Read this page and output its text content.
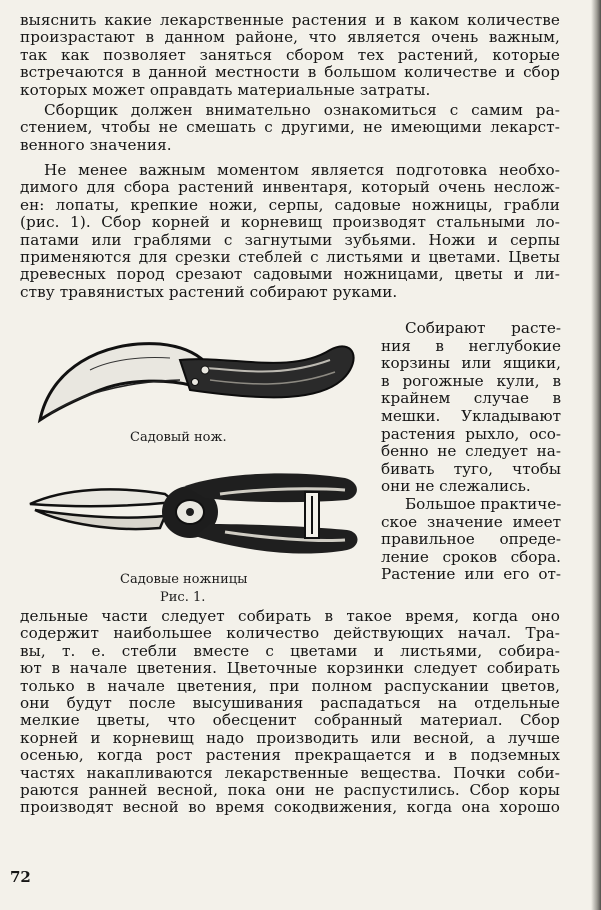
выяснить какие лекарственные растения и в каком количестве
произрастают в данном районе, что является очень важным,
так как позволяет заняться сбором тех растений, которые
встречаются в данной местности в большом количестве и сбор
которых может оправдать материальные затраты.
Сборщик должен внимательно ознакомиться с самим ра-
стением, чтобы не смешать с другими, не имеющими лекарст-
венного значения.
Не менее важным моментом является подготовка необхо-
димого для сбора растений инвентаря, который очень неслож-
ен: лопаты, крепкие ножи, серпы, садовые ножницы, грабли
(рис. 1). Сбор корней и корневищ производят стальными ло-
патами или граблями с загнутыми зубьями. Ножи и серпы
применяются для срезки стеблей с листьями и цветами. Цветы
древесных пород срезают садовыми ножницами, цветы и ли-
ству травянистых растений собирают руками.
Садовый нож.
Садовые ножницы
Рис. 1.
Собирают расте-
ния в неглубокие
корзины или ящики,
в рогожные кули, в
крайнем случае в
мешки. Укладывают
растения рыхло, осо-
бенно не следует на-
бивать туго, чтобы
они не слежались.
Большое практиче-
ское значение имеет
правильное опреде-
ление сроков сбора.
Растение или его от-
дельные части следует собирать в такое время, когда оно
содержит наибольшее количество действующих начал. Тра-
вы, т. е. стебли вместе с цветами и листьями, собира-
ют в начале цветения. Цветочные корзинки следует собирать
только в начале цветения, при полном распускании цветов,
они будут после высушивания распадаться на отдельные
мелкие цветы, что обесценит собранный материал. Сбор
корней и корневищ надо производить или весной, а лучше
осенью, когда рост растения прекращается и в подземных
частях накапливаются лекарственные вещества. Почки соби-
раются ранней весной, пока они не распустились. Сбор коры
производят весной во время сокодвижения, когда она хорошо
72
